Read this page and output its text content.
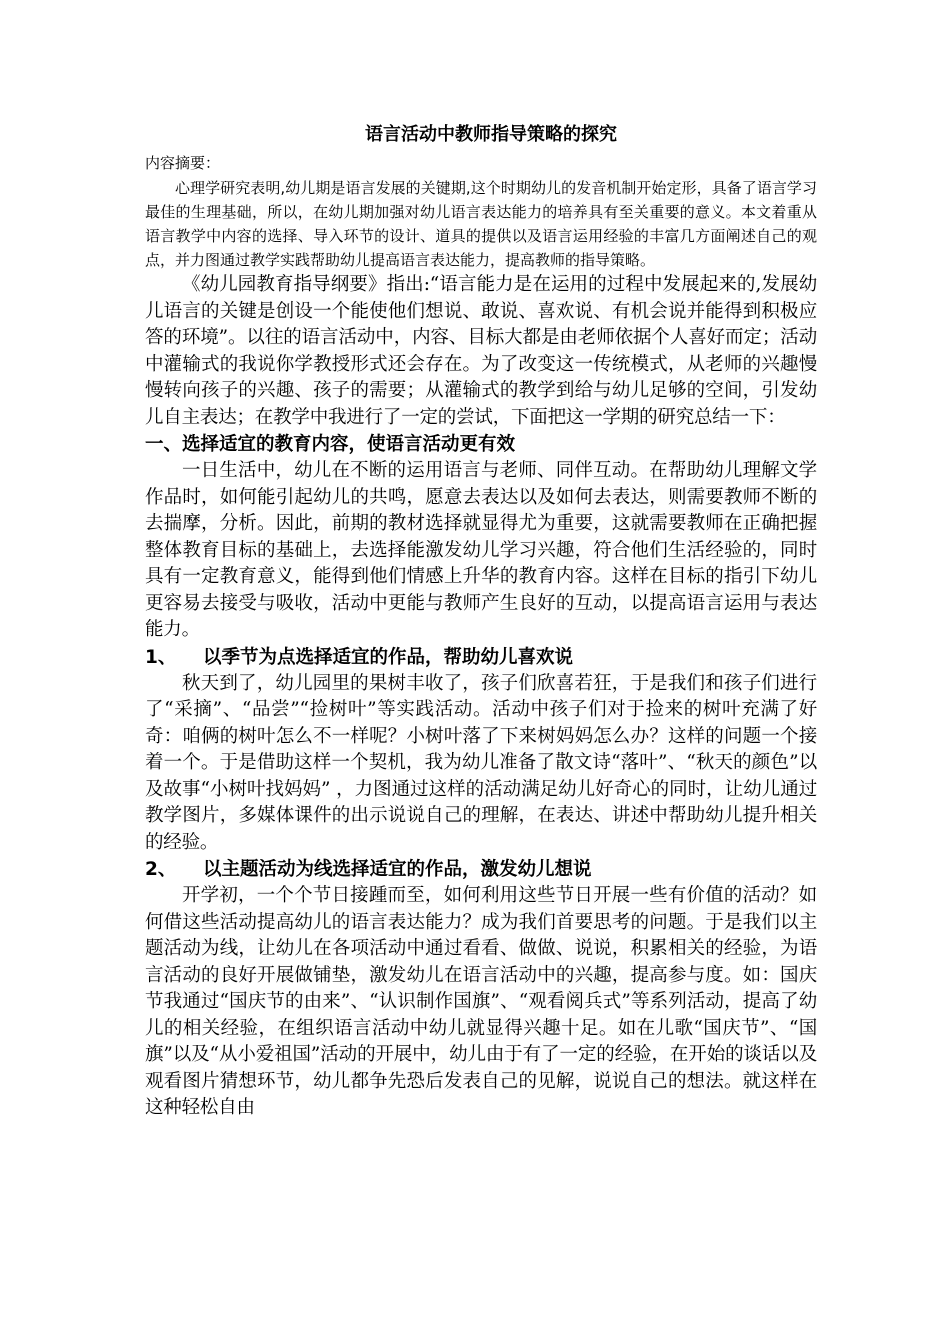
语言活动中教师指导策略的探究

内容摘要：

心理学研究表明,幼儿期是语言发展的关键期,这个时期幼儿的发音机制开始定形，具备了语言学习最佳的生理基础，所以，在幼儿期加强对幼儿语言表达能力的培养具有至关重要的意义。本文着重从语言教学中内容的选择、导入环节的设计、道具的提供以及语言运用经验的丰富几方面阐述自己的观点，并力图通过教学实践帮助幼儿提高语言表达能力，提高教师的指导策略。

《幼儿园教育指导纲要》指出:“语言能力是在运用的过程中发展起来的,发展幼儿语言的关键是创设一个能使他们想说、敢说、喜欢说、有机会说并能得到积极应答的环境”。以往的语言活动中，内容、目标大都是由老师依据个人喜好而定；活动中灌输式的我说你学教授形式还会存在。为了改变这一传统模式，从老师的兴趣慢慢转向孩子的兴趣、孩子的需要；从灌输式的教学到给与幼儿足够的空间，引发幼儿自主表达；在教学中我进行了一定的尝试，下面把这一学期的研究总结一下：

一、选择适宜的教育内容，使语言活动更有效

一日生活中，幼儿在不断的运用语言与老师、同伴互动。在帮助幼儿理解文学作品时，如何能引起幼儿的共鸣，愿意去表达以及如何去表达，则需要教师不断的去揣摩，分析。因此，前期的教材选择就显得尤为重要，这就需要教师在正确把握整体教育目标的基础上，去选择能激发幼儿学习兴趣，符合他们生活经验的，同时具有一定教育意义，能得到他们情感上升华的教育内容。这样在目标的指引下幼儿更容易去接受与吸收，活动中更能与教师产生良好的互动，以提高语言运用与表达能力。

1、	以季节为点选择适宜的作品，帮助幼儿喜欢说

秋天到了，幼儿园里的果树丰收了，孩子们欣喜若狂，于是我们和孩子们进行了“采摘”、“品尝”“捡树叶”等实践活动。活动中孩子们对于捡来的树叶充满了好奇：咱俩的树叶怎么不一样呢？小树叶落了下来树妈妈怎么办？这样的问题一个接着一个。于是借助这样一个契机，我为幼儿准备了散文诗“落叶”、“秋天的颜色”以及故事“小树叶找妈妈” ，力图通过这样的活动满足幼儿好奇心的同时，让幼儿通过教学图片，多媒体课件的出示说说自己的理解，在表达、讲述中帮助幼儿提升相关的经验。

2、	以主题活动为线选择适宜的作品，激发幼儿想说

开学初，一个个节日接踵而至，如何利用这些节日开展一些有价值的活动？如何借这些活动提高幼儿的语言表达能力？成为我们首要思考的问题。于是我们以主题活动为线，让幼儿在各项活动中通过看看、做做、说说，积累相关的经验，为语言活动的良好开展做铺垫，激发幼儿在语言活动中的兴趣，提高参与度。如：国庆节我通过“国庆节的由来”、“认识制作国旗”、“观看阅兵式”等系列活动，提高了幼儿的相关经验，在组织语言活动中幼儿就显得兴趣十足。如在儿歌“国庆节”、“国旗”以及“从小爱祖国”活动的开展中，幼儿由于有了一定的经验，在开始的谈话以及观看图片猜想环节，幼儿都争先恐后发表自己的见解，说说自己的想法。就这样在这种轻松自由
